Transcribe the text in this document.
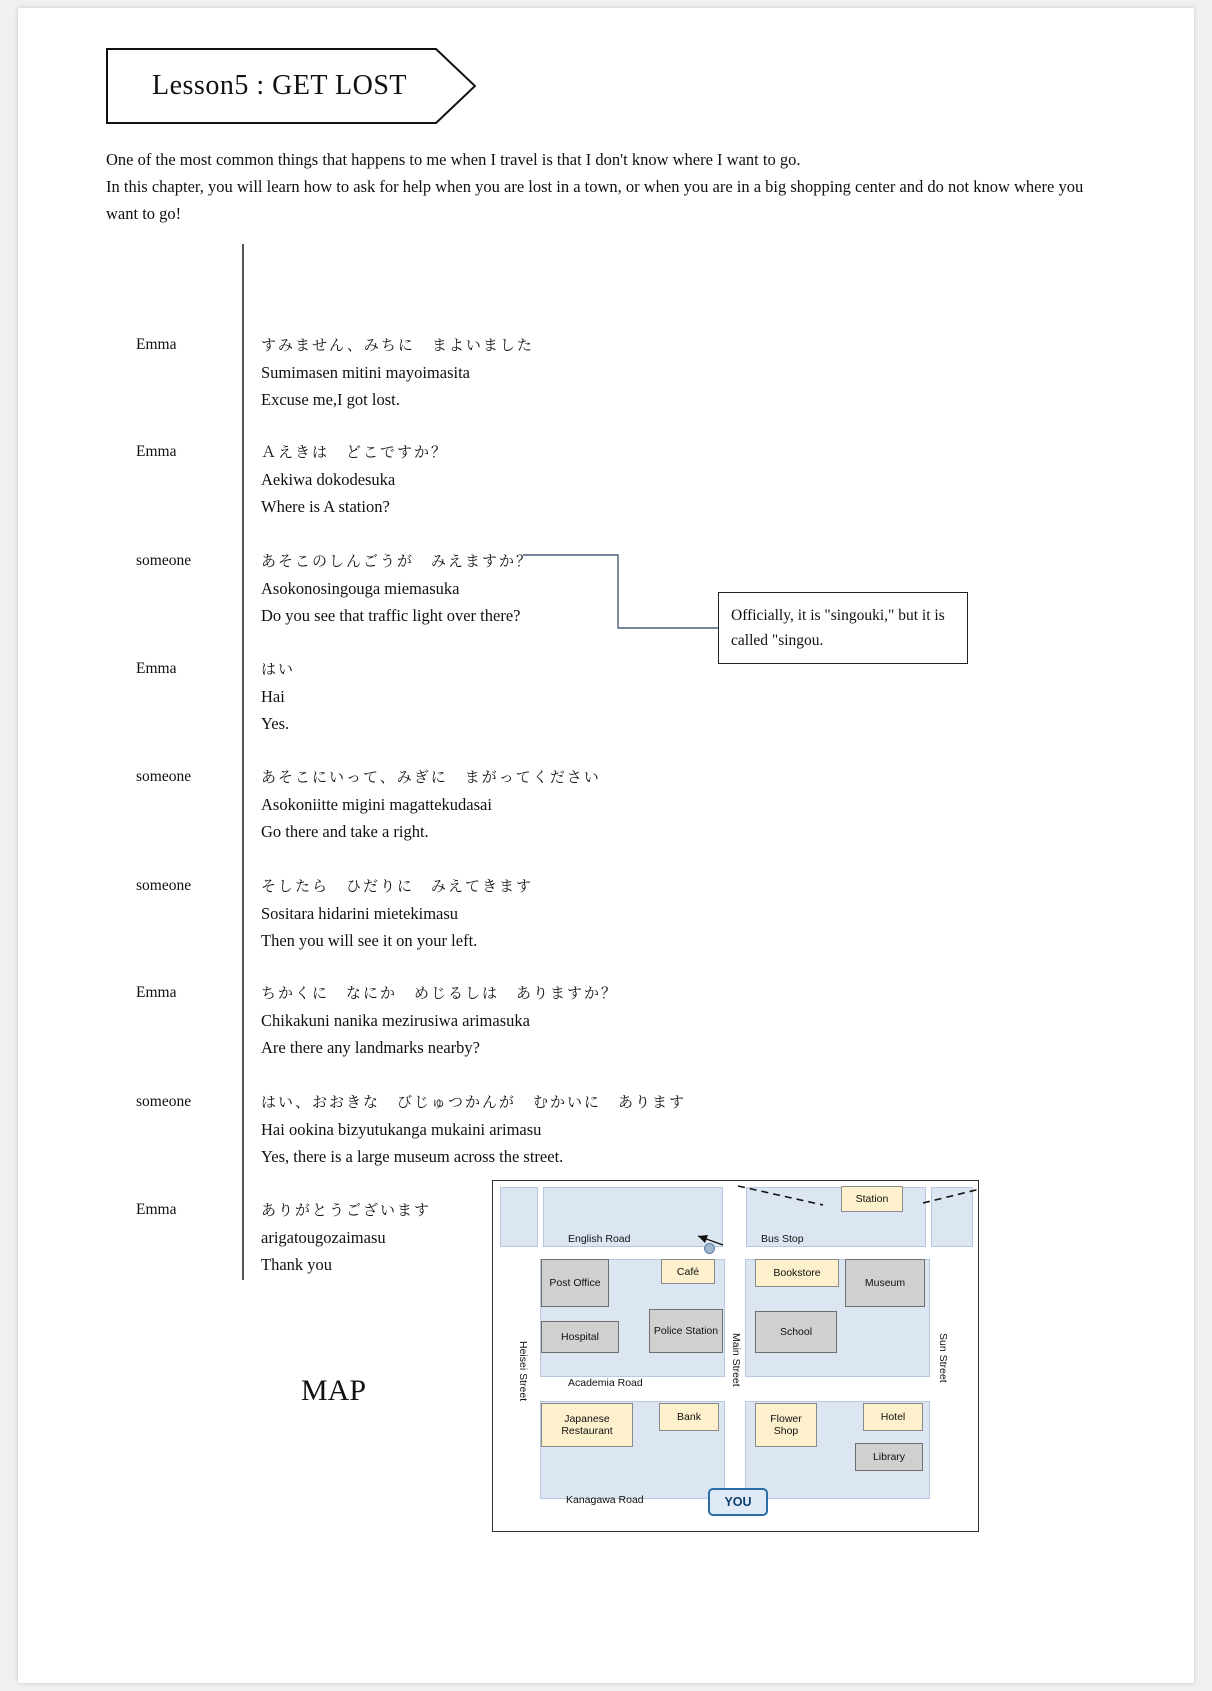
Lesson5 : GET LOST
One of the most common things that happens to me when I travel is that I don't know where I want to go.
In this chapter, you will learn how to ask for help when you are lost in a town, or when you are in a big shopping center and do not know where you want to go!
Emma	すみません、みちに　まよいました
Sumimasen mitini mayoimasita
Excuse me,I got lost.
Emma	Ａえきは　どこですか？
Aekiwa dokodesuka
Where is A station?
someone	あそこのしんごうが　みえますか？
Asokonosingouga miemasuka
Do you see that traffic light over there?
Emma	はい
Hai
Yes.
someone	あそこにいって、みぎに　まがってください
Asokoniitte migini magattekudasai
Go there and take a right.
someone	そしたら　ひだりに　みえてきます
Sositara hidarini mietekimasu
Then you will see it on your left.
Emma	ちかくに　なにか　めじるしは　ありますか？
Chikakuni nanika mezirusiwa arimasuka
Are there any landmarks nearby?
someone	はい、おおきな　びじゅつかんが　むかいに　あります
Hai ookina bizyutukanga mukaini arimasu
Yes, there is a large museum across the street.
Emma	ありがとうございます
arigatougozaimasu
Thank you
Officially, it is "singouki," but it is called "singou.
MAP
Station
Post Office
Café	Bookstore
Museum
Hospital	Police Station	School
Japanese Restaurant
Bank	Flower Shop
Hotel
Library
English Road
Academia Road
Kanagawa Road
Heisei Street	Main Street	Sun Street
Bus Stop
YOU
